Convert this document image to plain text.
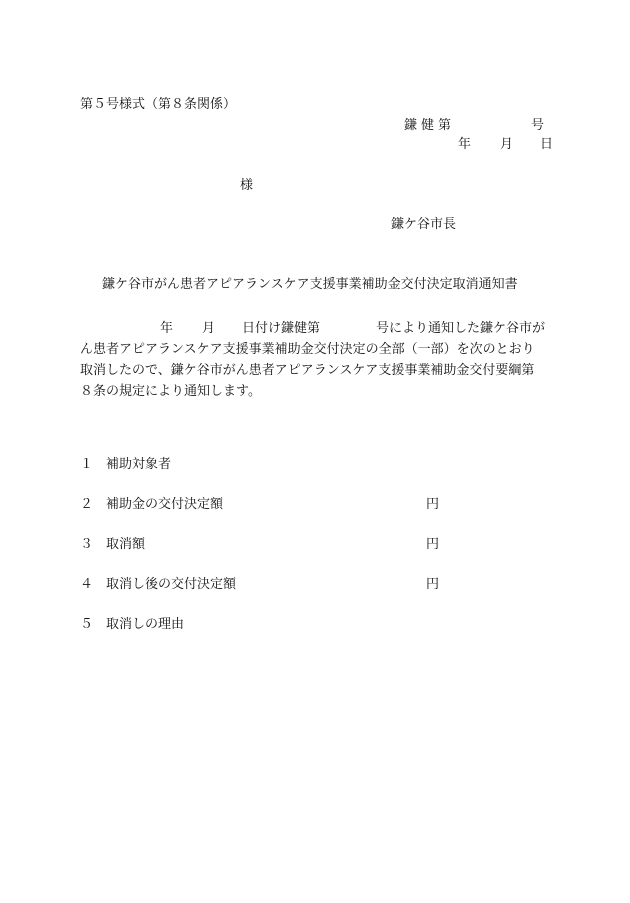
第５号様式（第８条関係）
鎌健第	号
年 月 日
様
鎌ケ谷市長
鎌ケ谷市がん患者アピアランスケア支援事業補助金交付決定取消通知書
年 月 日付け鎌健第	号により通知した鎌ケ谷市が
ん患者アピアランスケア支援事業補助金交付決定の全部（一部）を次のとおり
取消したので、鎌ケ谷市がん患者アピアランスケア支援事業補助金交付要綱第
８条の規定により通知します。
１ 補助対象者
２ 補助金の交付決定額	円
３ 取消額	円
４ 取消し後の交付決定額	円
５ 取消しの理由
